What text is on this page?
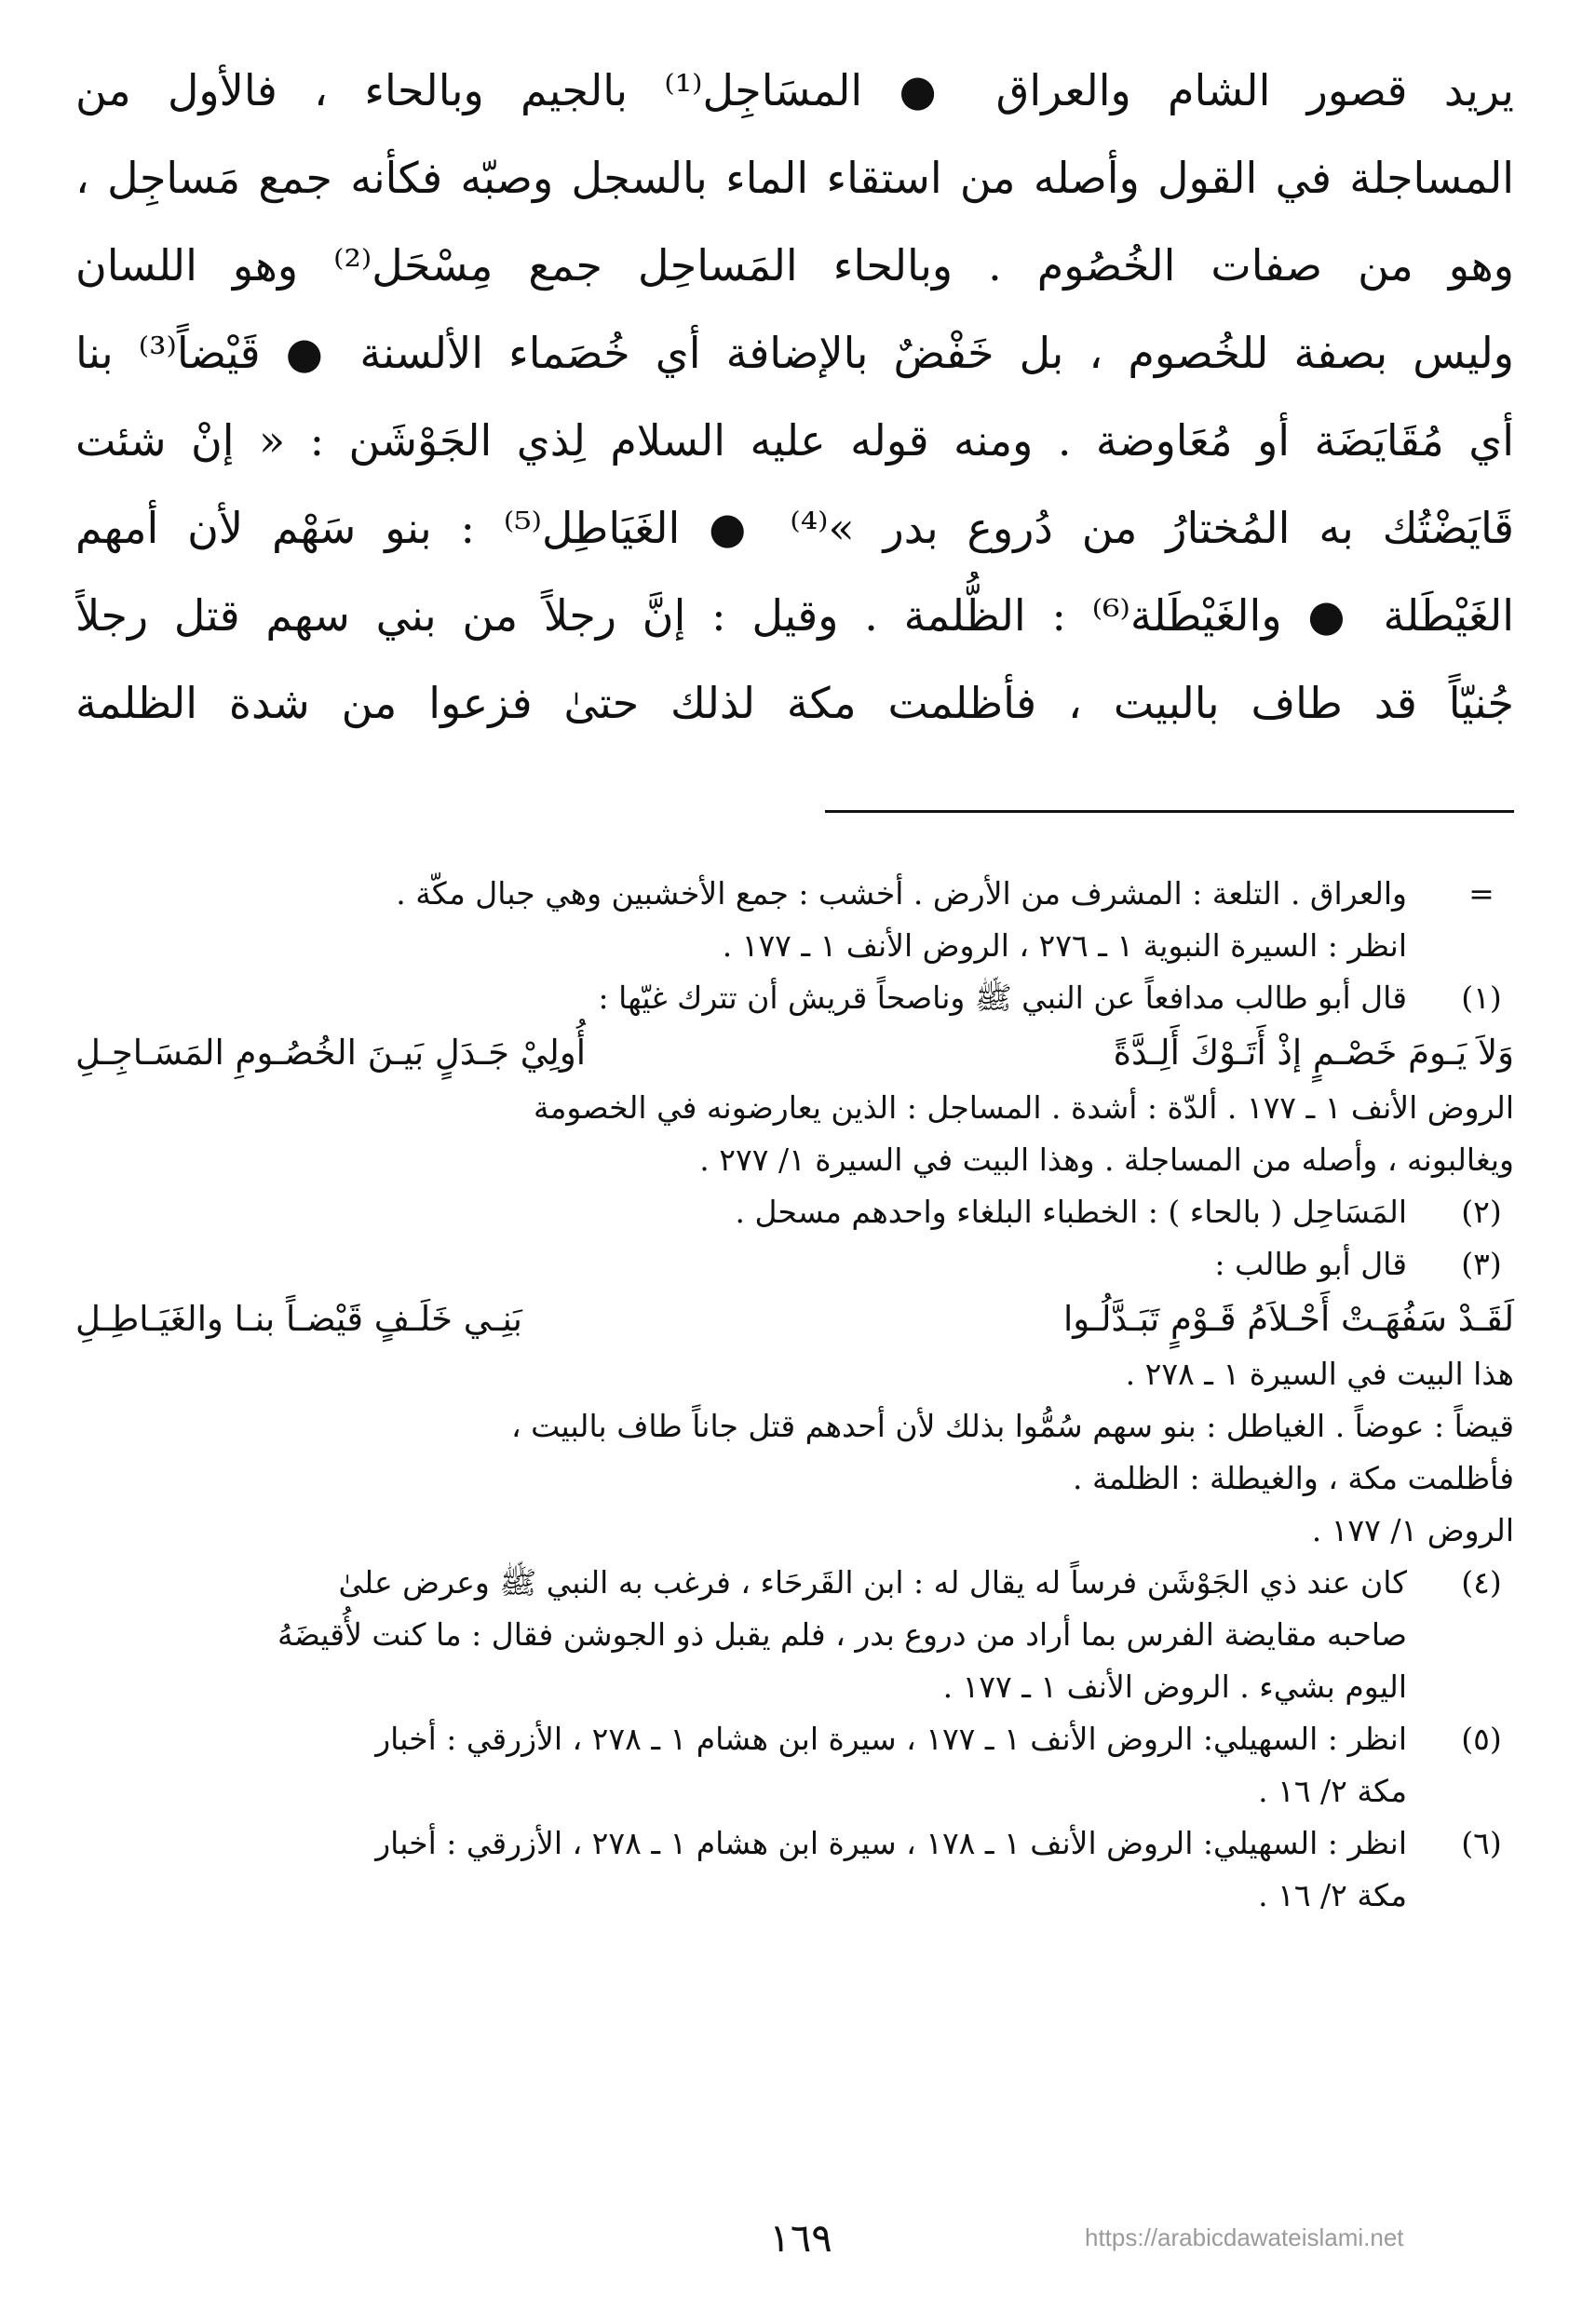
يريد قصور الشام والعراق ● المسَاجِل⁽¹⁾ بالجيم وبالحاء ، فالأول من
المساجلة في القول وأصله من استقاء الماء بالسجل وصبّه فكأنه جمع مَساجِل ،
وهو من صفات الخُصُوم . وبالحاء المَساحِل جمع مِسْحَل⁽²⁾ وهو اللسان
وليس بصفة للخُصوم ، بل خَفْضٌ بالإضافة أي خُصَماء الألسنة ● قَيْضاً⁽³⁾ بنا
أي مُقَايَضَة أو مُعَاوضة . ومنه قوله عليه السلام لِذي الجَوْشَن : « إنْ شئت
قَايَضْتُك به المُختارُ من دُروع بدر »⁽⁴⁾ ● الغَيَاطِل⁽⁵⁾ : بنو سَهْم لأن أمهم
الغَيْطَلة ● والغَيْطَلة⁽⁶⁾ : الظُّلمة . وقيل : إنَّ رجلاً من بني سهم قتل رجلاً
جُنيّاً قد طاف بالبيت ، فأظلمت مكة لذلك حتىٰ فزعوا من شدة الظلمة
=
والعراق . التلعة : المشرف من الأرض . أخشب : جمع الأخشبين وهي جبال مكّة .
انظر : السيرة النبوية ١ ـ ٢٧٦ ، الروض الأنف ١ ـ ١٧٧ .
(١)
قال أبو طالب مدافعاً عن النبي ﷺ وناصحاً قريش أن تترك غيّها :
وَلاَ يَـومَ خَصْـمٍ إذْ أَتَـوْكَ أَلِـدَّةً أُولِيْ جَـدَلٍ بَيـنَ الخُصُـومِ المَسَـاجِـلِ
الروض الأنف ١ ـ ١٧٧ . ألدّة : أشدة . المساجل : الذين يعارضونه في الخصومة
ويغالبونه ، وأصله من المساجلة . وهذا البيت في السيرة ١/ ٢٧٧ .
(٢)
المَسَاحِل ( بالحاء ) : الخطباء البلغاء واحدهم مسحل .
(٣)
قال أبو طالب :
لَقَـدْ سَفُهَـتْ أَحْـلاَمُ قَـوْمٍ تَبَـدَّلُـوا بَنِـي خَلَـفٍ قَيْضـاً بنـا والغَيَـاطِـلِ
هذا البيت في السيرة ١ ـ ٢٧٨ .
قيضاً : عوضاً . الغياطل : بنو سهم سُمُّوا بذلك لأن أحدهم قتل جاناً طاف بالبيت ،
فأظلمت مكة ، والغيطلة : الظلمة .
الروض ١/ ١٧٧ .
(٤)
كان عند ذي الجَوْشَن فرساً له يقال له : ابن القَرحَاء ، فرغب به النبي ﷺ وعرض علىٰ
صاحبه مقايضة الفرس بما أراد من دروع بدر ، فلم يقبل ذو الجوشن فقال : ما كنت لأُقيضَهُ
اليوم بشيء . الروض الأنف ١ ـ ١٧٧ .
(٥)
انظر : السهيلي: الروض الأنف ١ ـ ١٧٧ ، سيرة ابن هشام ١ ـ ٢٧٨ ، الأزرقي : أخبار
مكة ٢/ ١٦ .
(٦)
انظر : السهيلي: الروض الأنف ١ ـ ١٧٨ ، سيرة ابن هشام ١ ـ ٢٧٨ ، الأزرقي : أخبار
مكة ٢/ ١٦ .
١٦٩	https://arabicdawateislami.net
